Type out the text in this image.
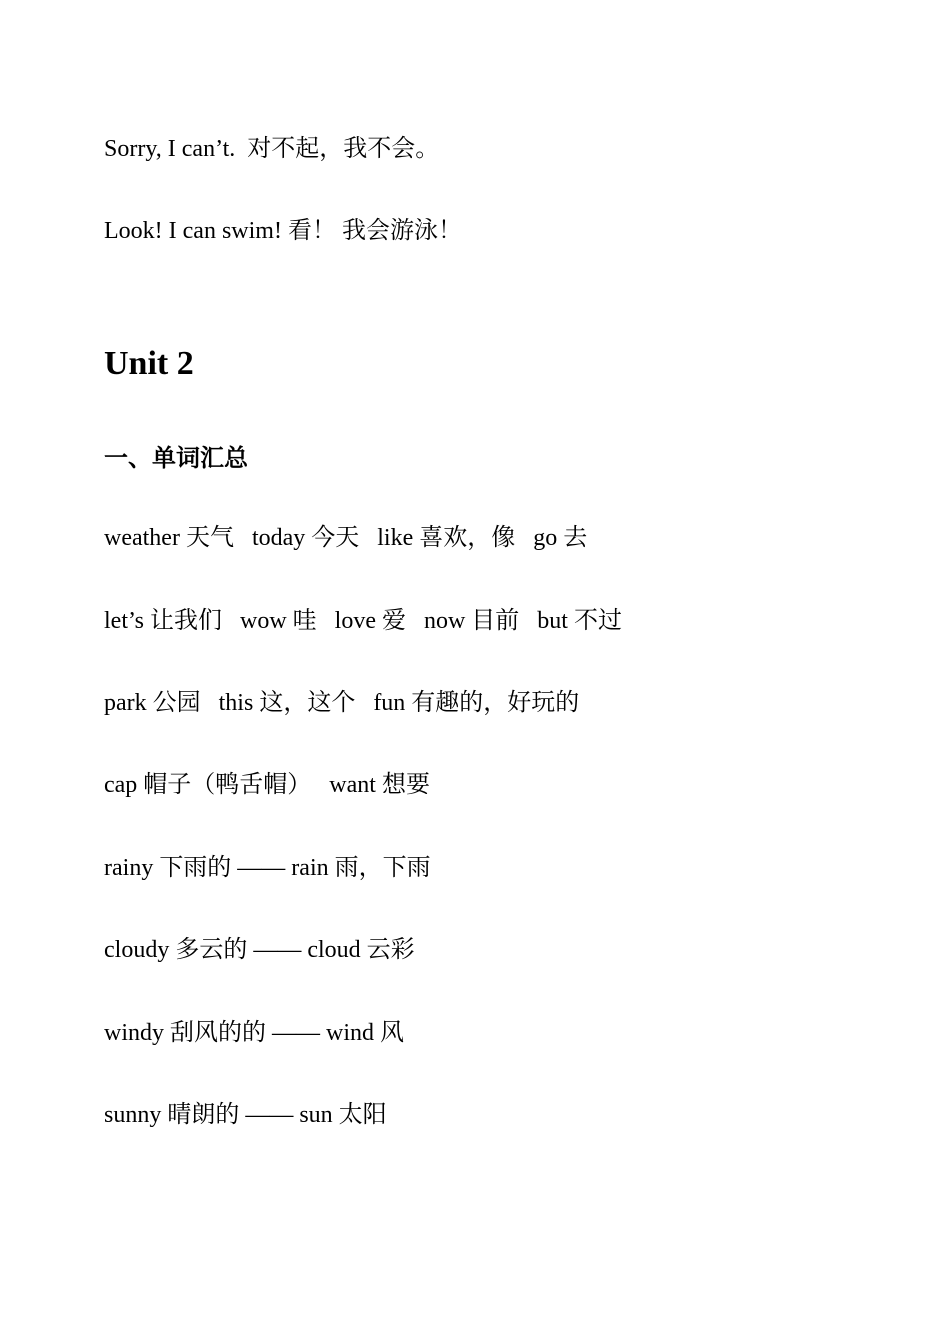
Sorry, I can’t.  对不起，我不会。
Look! I can swim! 看！ 我会游泳！
Unit 2
一、单词汇总
weather 天气   today 今天   like 喜欢，像   go 去
let’s 让我们   wow 哇   love 爱   now 目前   but 不过
park 公园   this 这，这个   fun 有趣的，好玩的
cap 帽子（鸭舌帽）   want 想要
rainy 下雨的 —— rain 雨，下雨
cloudy 多云的 —— cloud 云彩
windy 刮风的的 —— wind 风
sunny 晴朗的 —— sun 太阳
